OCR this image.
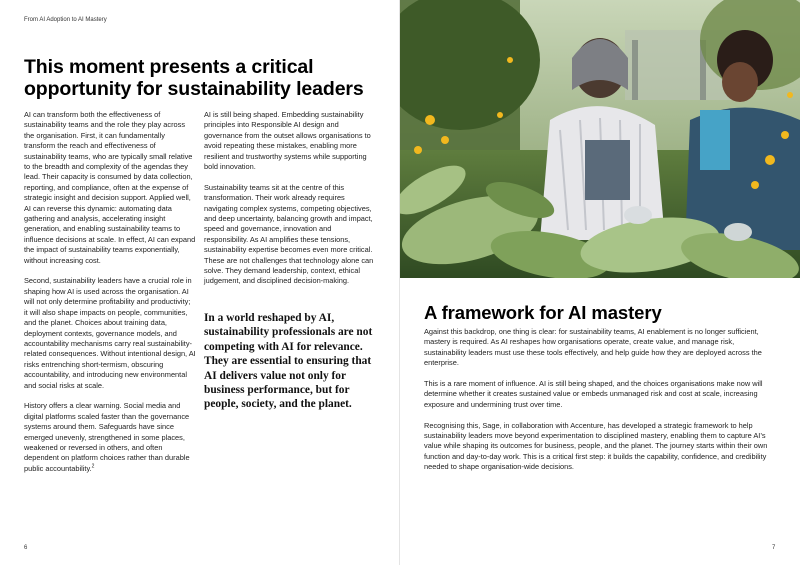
From AI Adoption to AI Mastery
This moment presents a critical
opportunity for sustainability leaders

AI can transform both the effectiveness of sustainability teams and the role they play across the organisation. First, it can fundamentally transform the reach and effectiveness of sustainability teams, who are typically small relative to the breadth and complexity of the agendas they lead. Their capacity is consumed by data collection, reporting, and compliance, often at the expense of strategic insight and decision support. Applied well, AI can reverse this dynamic: automating data gathering and analysis, accelerating insight generation, and enabling sustainability teams to influence decisions at scale. In effect, AI can expand the impact of sustainability teams exponentially, without increasing cost.

Second, sustainability leaders have a crucial role in shaping how AI is used across the organisation. AI will not only determine profitability and productivity; it will also shape impacts on people, communities, and the planet. Choices about training data, deployment contexts, governance models, and accountability mechanisms carry real sustainability-related consequences. Without intentional design, AI risks entrenching short-termism, obscuring accountability, and introducing new environmental and social risks at scale.

History offers a clear warning. Social media and digital platforms scaled faster than the governance systems around them. Safeguards have since emerged unevenly, strengthened in some places, weakened or reversed in others, and often dependent on platform choices rather than durable public accountability.$^2$

AI is still being shaped. Embedding sustainability principles into Responsible AI design and governance from the outset allows organisations to avoid repeating these mistakes, enabling more resilient and trustworthy systems while supporting bold innovation.

Sustainability teams sit at the centre of this transformation. Their work already requires navigating complex systems, competing objectives, and deep uncertainty, balancing growth and impact, speed and governance, innovation and responsibility. As AI amplifies these tensions, sustainability expertise becomes even more critical. These are not challenges that technology alone can solve. They demand leadership, context, ethical judgement, and disciplined decision-making.

In a world reshaped by AI, sustainability professionals are not competing with AI for relevance. They are essential to ensuring that AI delivers value not only for business performance, but for people, society, and the planet.
6
A framework for AI mastery

Against this backdrop, one thing is clear: for sustainability teams, AI enablement is no longer sufficient, mastery is required. As AI reshapes how organisations operate, create value, and manage risk, sustainability leaders must use these tools effectively, and help guide how they are deployed across the enterprise.

This is a rare moment of influence. AI is still being shaped, and the choices organisations make now will determine whether it creates sustained value or embeds unmanaged risk and cost at scale, increasing exposure and undermining trust over time.

Recognising this, Sage, in collaboration with Accenture, has developed a strategic framework to help sustainability leaders move beyond experimentation to disciplined mastery, enabling them to capture AI’s value while shaping its outcomes for business, people, and the planet. The journey starts within their own function and day-to-day work. This is a critical first step: it builds the capability, confidence, and credibility needed to shape organisation-wide decisions.

7
